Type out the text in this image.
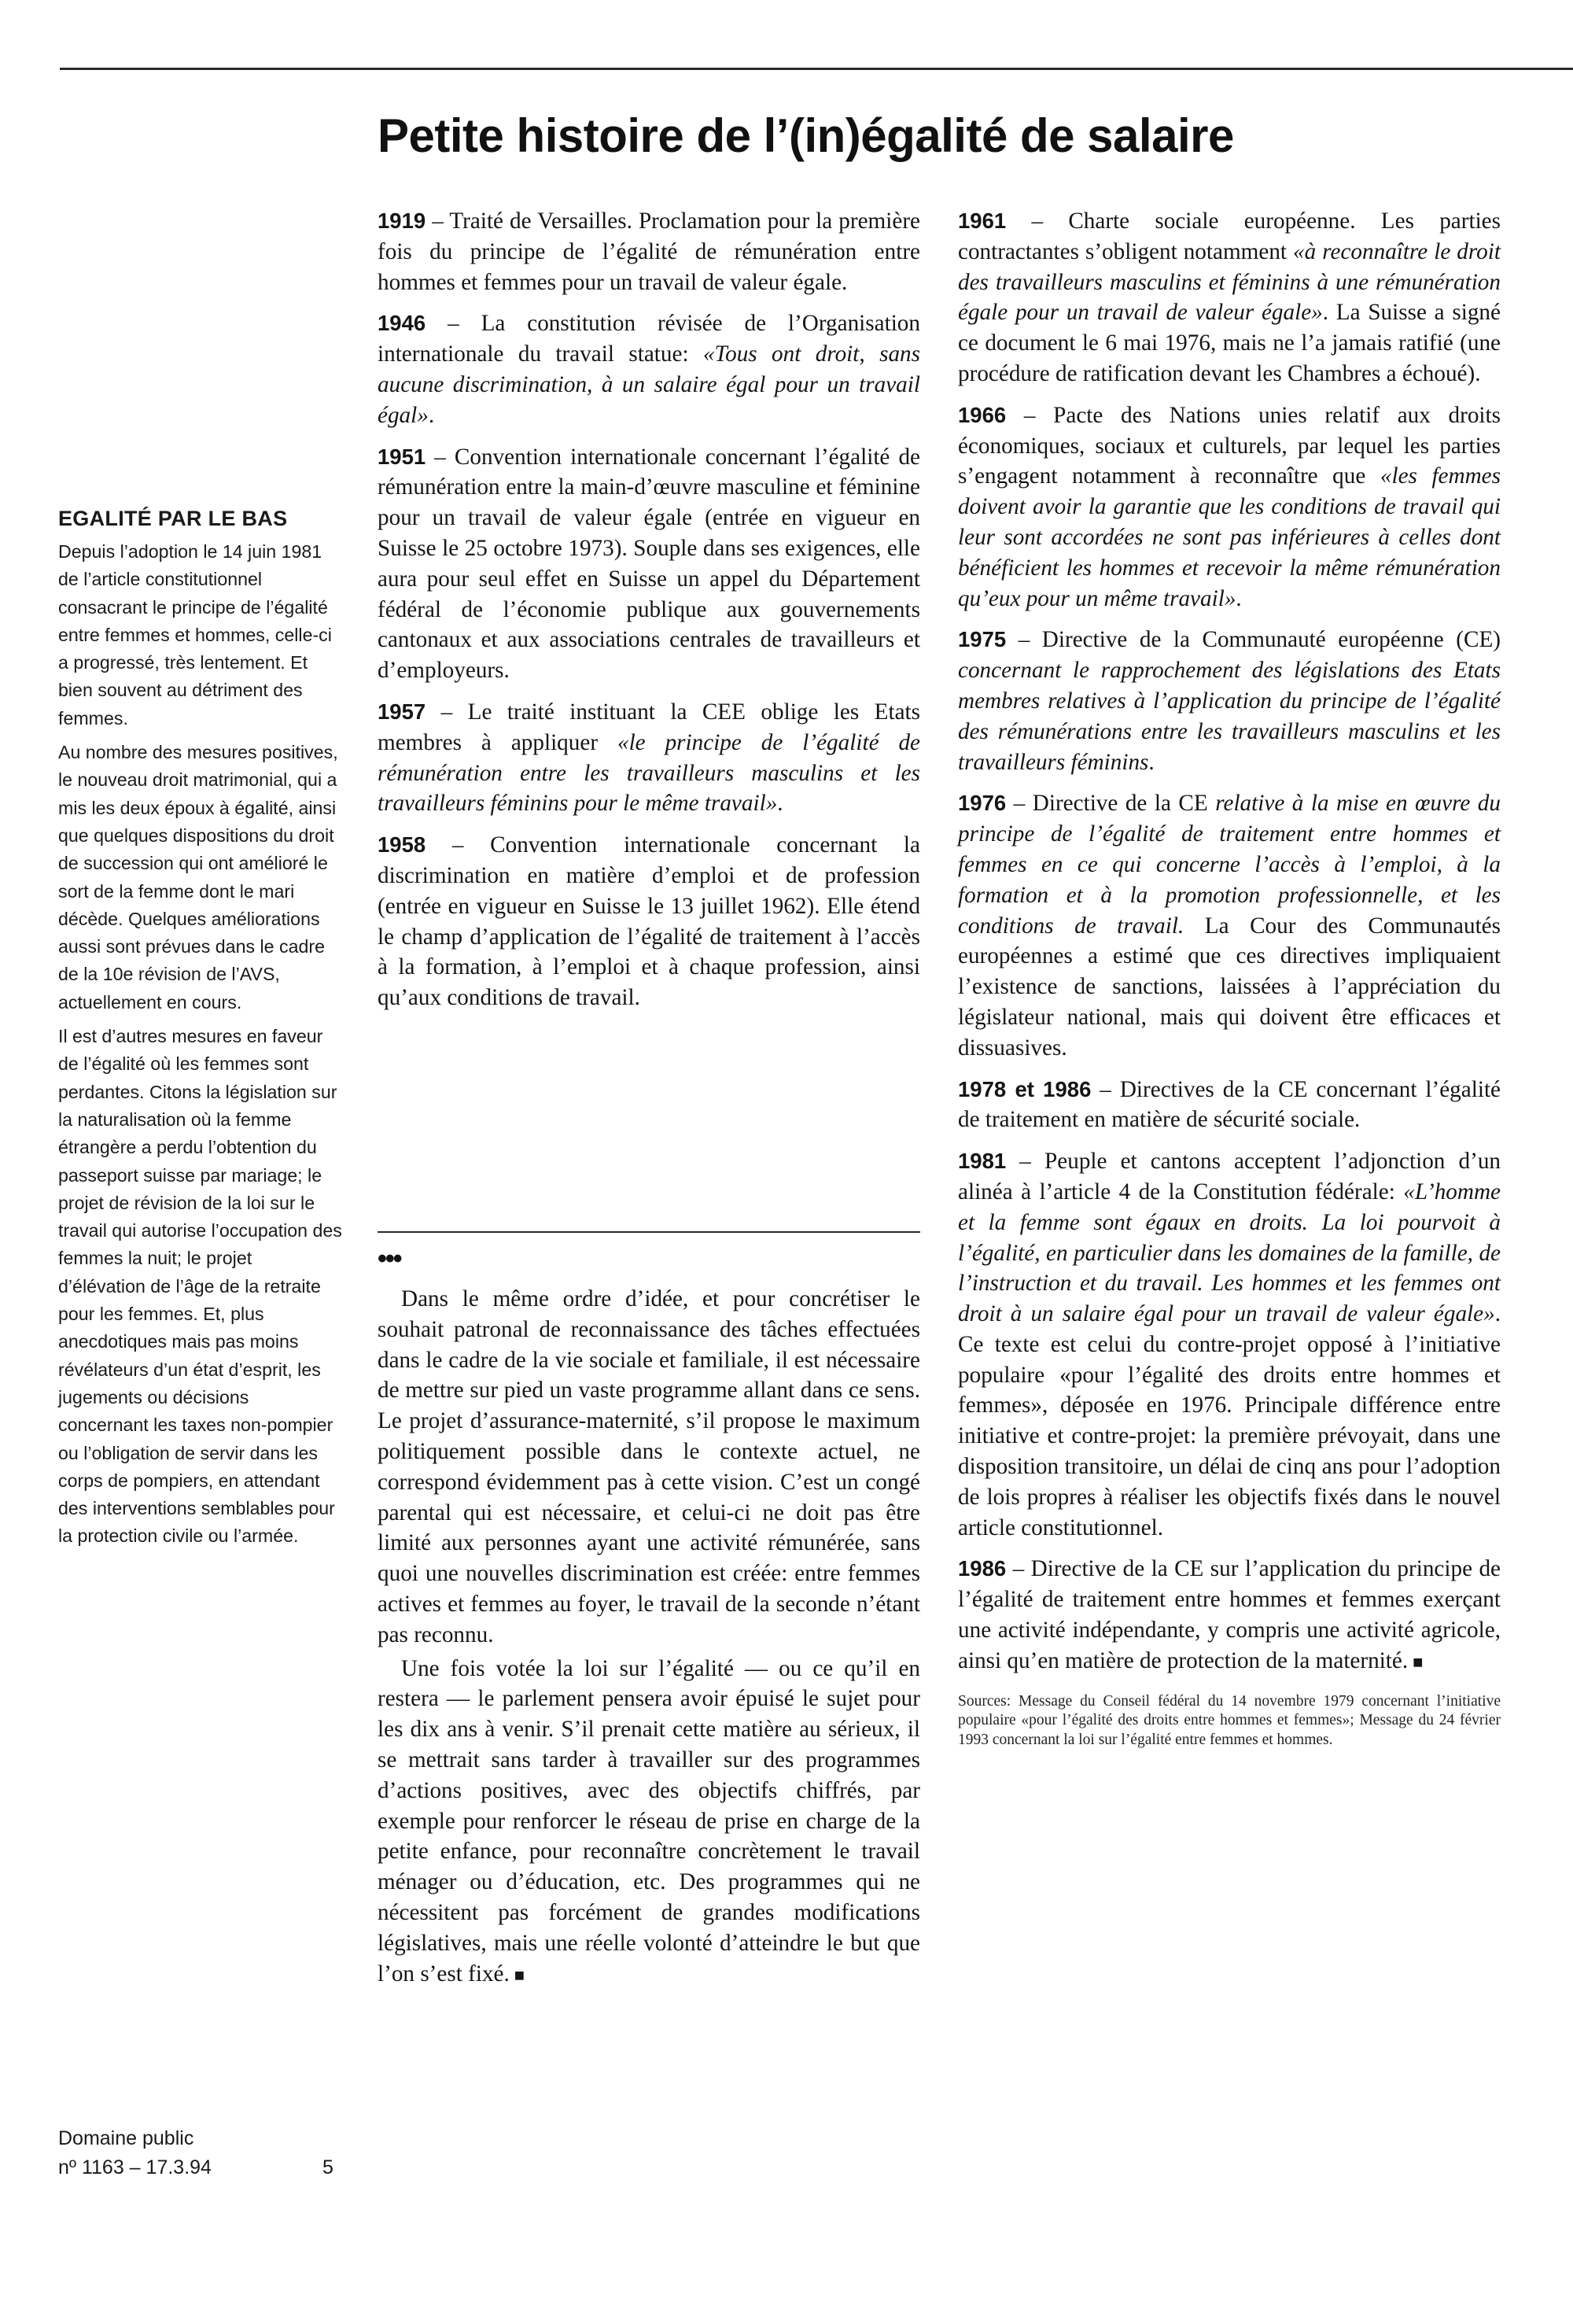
Petite histoire de l’(in)égalité de salaire
EGALITÉ PAR LE BAS

Depuis l’adoption le 14 juin 1981 de l’article constitutionnel consacrant le principe de l’égalité entre femmes et hommes, celle-ci a progressé, très lentement. Et bien souvent au détriment des femmes.

Au nombre des mesures positives, le nouveau droit matrimonial, qui a mis les deux époux à égalité, ainsi que quelques dispositions du droit de succession qui ont amélioré le sort de la femme dont le mari décède. Quelques améliorations aussi sont prévues dans le cadre de la 10e révision de l’AVS, actuellement en cours.

Il est d’autres mesures en faveur de l’égalité où les femmes sont perdantes. Citons la législation sur la naturalisation où la femme étrangère a perdu l’obtention du passeport suisse par mariage; le projet de révision de la loi sur le travail qui autorise l’occupation des femmes la nuit; le projet d’élévation de l’âge de la retraite pour les femmes. Et, plus anecdotiques mais pas moins révélateurs d’un état d’esprit, les jugements ou décisions concernant les taxes non-pompier ou l’obligation de servir dans les corps de pompiers, en attendant des interventions semblables pour la protection civile ou l’armée.

Domaine public
nº 1163 – 17.3.94	5

1919 – Traité de Versailles. Proclamation pour la première fois du principe de l’égalité de rémunération entre hommes et femmes pour un travail de valeur égale.

1946 – La constitution révisée de l’Organisation internationale du travail statue: «Tous ont droit, sans aucune discrimination, à un salaire égal pour un travail égal».

1951 – Convention internationale concernant l’égalité de rémunération entre la main-d’œuvre masculine et féminine pour un travail de valeur égale (entrée en vigueur en Suisse le 25 octobre 1973). Souple dans ses exigences, elle aura pour seul effet en Suisse un appel du Département fédéral de l’économie publique aux gouvernements cantonaux et aux associations centrales de travailleurs et d’employeurs.

1957 – Le traité instituant la CEE oblige les Etats membres à appliquer «le principe de l’égalité de rémunération entre les travailleurs masculins et les travailleurs féminins pour le même travail».

1958 – Convention internationale concernant la discrimination en matière d’emploi et de profession (entrée en vigueur en Suisse le 13 juillet 1962). Elle étend le champ d’application de l’égalité de traitement à l’accès à la formation, à l’emploi et à chaque profession, ainsi qu’aux conditions de travail.

•••

Dans le même ordre d’idée, et pour concrétiser le souhait patronal de reconnaissance des tâches effectuées dans le cadre de la vie sociale et familiale, il est nécessaire de mettre sur pied un vaste programme allant dans ce sens. Le projet d’assurance-maternité, s’il propose le maximum politiquement possible dans le contexte actuel, ne correspond évidemment pas à cette vision. C’est un congé parental qui est nécessaire, et celui-ci ne doit pas être limité aux personnes ayant une activité rémunérée, sans quoi une nouvelles discrimination est créée: entre femmes actives et femmes au foyer, le travail de la seconde n’étant pas reconnu.

Une fois votée la loi sur l’égalité — ou ce qu’il en restera — le parlement pensera avoir épuisé le sujet pour les dix ans à venir. S’il prenait cette matière au sérieux, il se mettrait sans tarder à travailler sur des programmes d’actions positives, avec des objectifs chiffrés, par exemple pour renforcer le réseau de prise en charge de la petite enfance, pour reconnaître concrètement le travail ménager ou d’éducation, etc. Des programmes qui ne nécessitent pas forcément de grandes modifications législatives, mais une réelle volonté d’atteindre le but que l’on s’est fixé. ■

1961 – Charte sociale européenne. Les parties contractantes s’obligent notamment «à reconnaître le droit des travailleurs masculins et féminins à une rémunération égale pour un travail de valeur égale». La Suisse a signé ce document le 6 mai 1976, mais ne l’a jamais ratifié (une procédure de ratification devant les Chambres a échoué).

1966 – Pacte des Nations unies relatif aux droits économiques, sociaux et culturels, par lequel les parties s’engagent notamment à reconnaître que «les femmes doivent avoir la garantie que les conditions de travail qui leur sont accordées ne sont pas inférieures à celles dont bénéficient les hommes et recevoir la même rémunération qu’eux pour un même travail».

1975 – Directive de la Communauté européenne (CE) concernant le rapprochement des législations des Etats membres relatives à l’application du principe de l’égalité des rémunérations entre les travailleurs masculins et les travailleurs féminins.

1976 – Directive de la CE relative à la mise en œuvre du principe de l’égalité de traitement entre hommes et femmes en ce qui concerne l’accès à l’emploi, à la formation et à la promotion professionnelle, et les conditions de travail. La Cour des Communautés européennes a estimé que ces directives impliquaient l’existence de sanctions, laissées à l’appréciation du législateur national, mais qui doivent être efficaces et dissuasives.

1978 et 1986 – Directives de la CE concernant l’égalité de traitement en matière de sécurité sociale.

1981 – Peuple et cantons acceptent l’adjonction d’un alinéa à l’article 4 de la Constitution fédérale: «L’homme et la femme sont égaux en droits. La loi pourvoit à l’égalité, en particulier dans les domaines de la famille, de l’instruction et du travail. Les hommes et les femmes ont droit à un salaire égal pour un travail de valeur égale». Ce texte est celui du contre-projet opposé à l’initiative populaire «pour l’égalité des droits entre hommes et femmes», déposée en 1976. Principale différence entre initiative et contre-projet: la première prévoyait, dans une disposition transitoire, un délai de cinq ans pour l’adoption de lois propres à réaliser les objectifs fixés dans le nouvel article constitutionnel.

1986 – Directive de la CE sur l’application du principe de l’égalité de traitement entre hommes et femmes exerçant une activité indépendante, y compris une activité agricole, ainsi qu’en matière de protection de la maternité. ■

Sources: Message du Conseil fédéral du 14 novembre 1979 concernant l’initiative populaire «pour l’égalité des droits entre hommes et femmes»; Message du 24 février 1993 concernant la loi sur l’égalité entre femmes et hommes.
